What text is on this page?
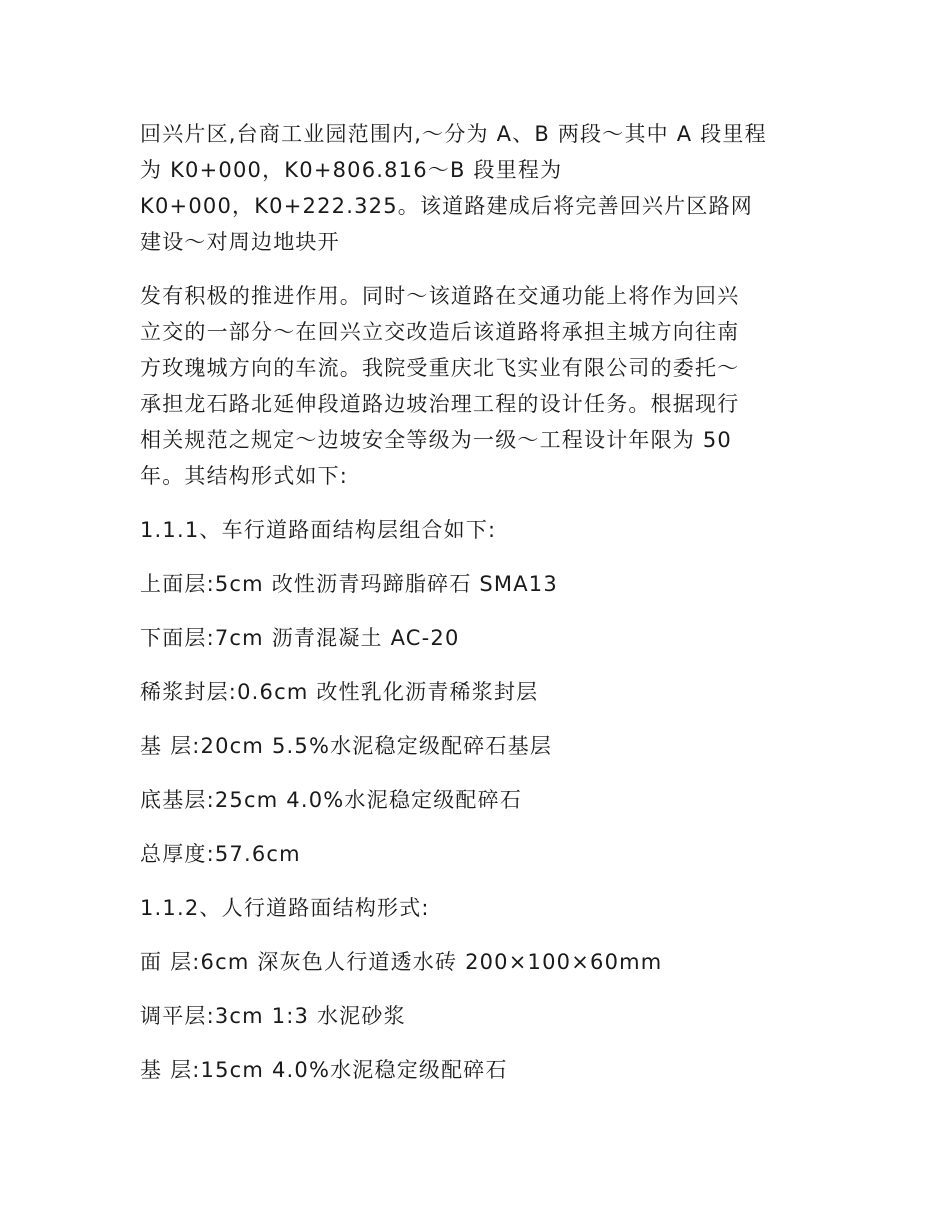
回兴片区,台商工业园范围内,～分为 A、B 两段～其中 A 段里程
为 K0+000，K0+806.816～B 段里程为
K0+000，K0+222.325。该道路建成后将完善回兴片区路网
建设～对周边地块开

发有积极的推进作用。同时～该道路在交通功能上将作为回兴
立交的一部分～在回兴立交改造后该道路将承担主城方向往南
方玫瑰城方向的车流。我院受重庆北飞实业有限公司的委托～
承担龙石路北延伸段道路边坡治理工程的设计任务。根据现行
相关规范之规定～边坡安全等级为一级～工程设计年限为 50
年。其结构形式如下:

1.1.1、车行道路面结构层组合如下:

上面层:5cm 改性沥青玛蹄脂碎石 SMA13

下面层:7cm 沥青混凝土 AC-20

稀浆封层:0.6cm 改性乳化沥青稀浆封层

基 层:20cm 5.5%水泥稳定级配碎石基层

底基层:25cm 4.0%水泥稳定级配碎石

总厚度:57.6cm

1.1.2、人行道路面结构形式:

面 层:6cm 深灰色人行道透水砖 200×100×60mm

调平层:3cm 1:3 水泥砂浆

基 层:15cm 4.0%水泥稳定级配碎石
